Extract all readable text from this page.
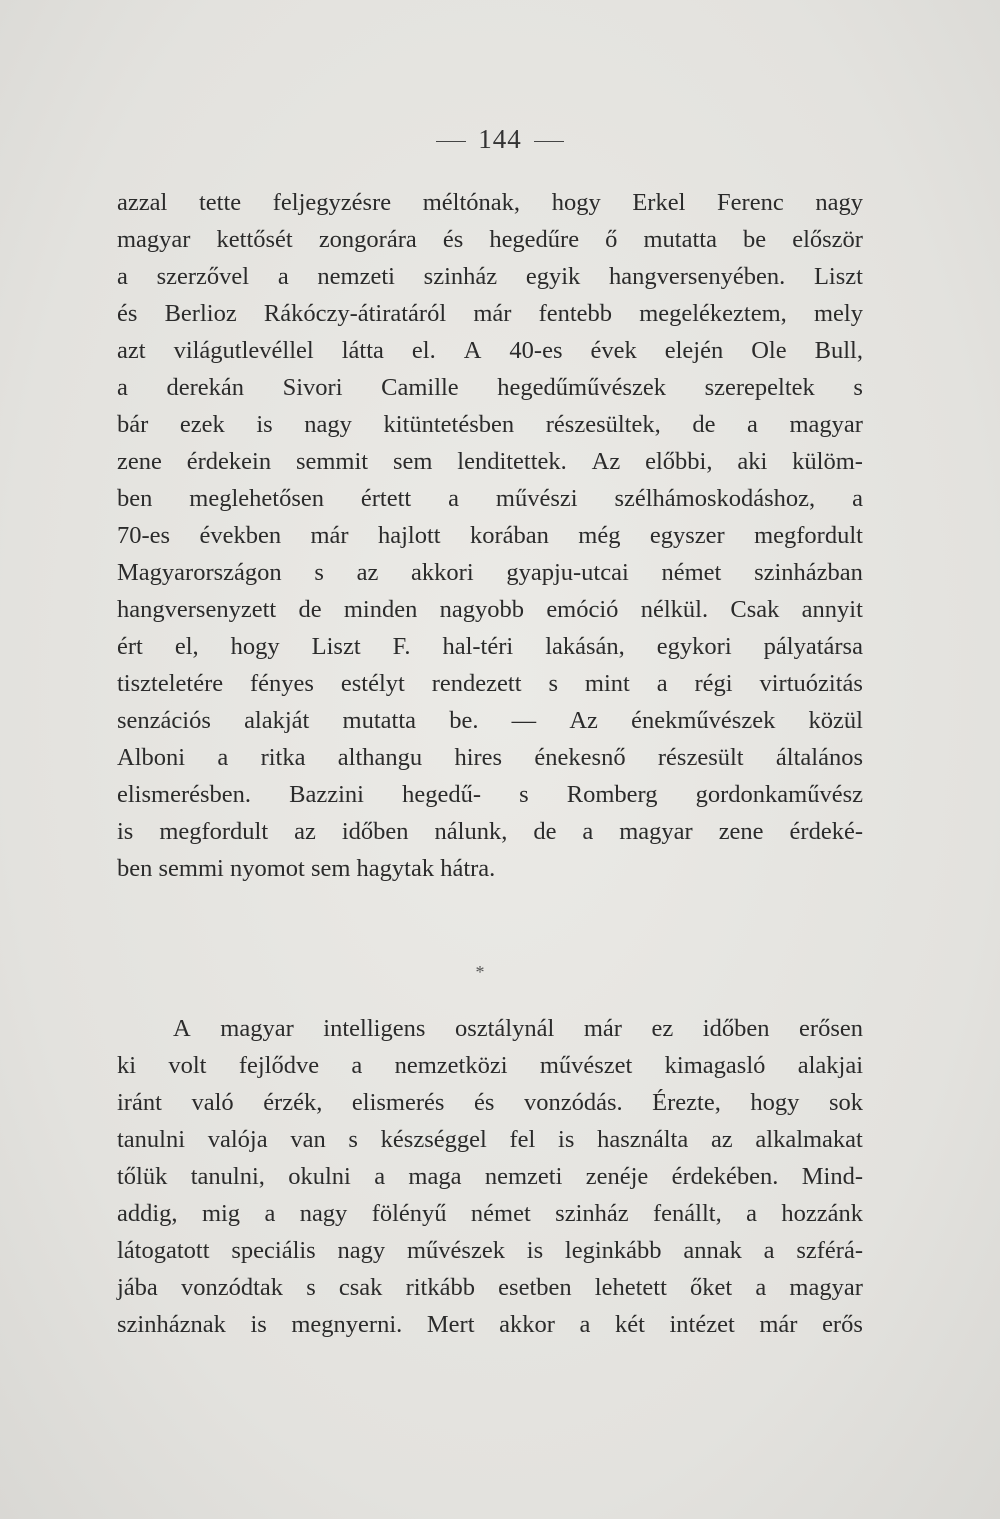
144
azzal tette feljegyzésre méltónak, hogy Erkel Ferenc nagy
magyar kettősét zongorára és hegedűre ő mutatta be először
a szerzővel a nemzeti szinház egyik hangversenyében. Liszt
és Berlioz Rákóczy-átiratáról már fentebb megelékeztem, mely
azt világutlevéllel látta el. A 40-es évek elején Ole Bull,
a derekán Sivori Camille hegedűművészek szerepeltek s
bár ezek is nagy kitüntetésben részesültek, de a magyar
zene érdekein semmit sem lenditettek. Az előbbi, aki külöm-
ben meglehetősen értett a művészi szélhámoskodáshoz, a
70-es években már hajlott korában még egyszer megfordult
Magyarországon s az akkori gyapju-utcai német szinházban
hangversenyzett de minden nagyobb emóció nélkül. Csak annyit
ért el, hogy Liszt F. hal-téri lakásán, egykori pályatársa
tiszteletére fényes estélyt rendezett s mint a régi virtuózitás
senzációs alakját mutatta be. — Az énekművészek közül
Alboni a ritka althangu hires énekesnő részesült általános
elismerésben. Bazzini hegedű- s Romberg gordonkaművész
is megfordult az időben nálunk, de a magyar zene érdeké-
ben semmi nyomot sem hagytak hátra.
*
A magyar intelligens osztálynál már ez időben erősen
ki volt fejlődve a nemzetközi művészet kimagasló alakjai
iránt való érzék, elismerés és vonzódás. Érezte, hogy sok
tanulni valója van s készséggel fel is használta az alkalmakat
tőlük tanulni, okulni a maga nemzeti zenéje érdekében. Mind-
addig, mig a nagy fölényű német szinház fenállt, a hozzánk
látogatott speciális nagy művészek is leginkább annak a szférá-
jába vonzódtak s csak ritkább esetben lehetett őket a magyar
szinháznak is megnyerni. Mert akkor a két intézet már erős
